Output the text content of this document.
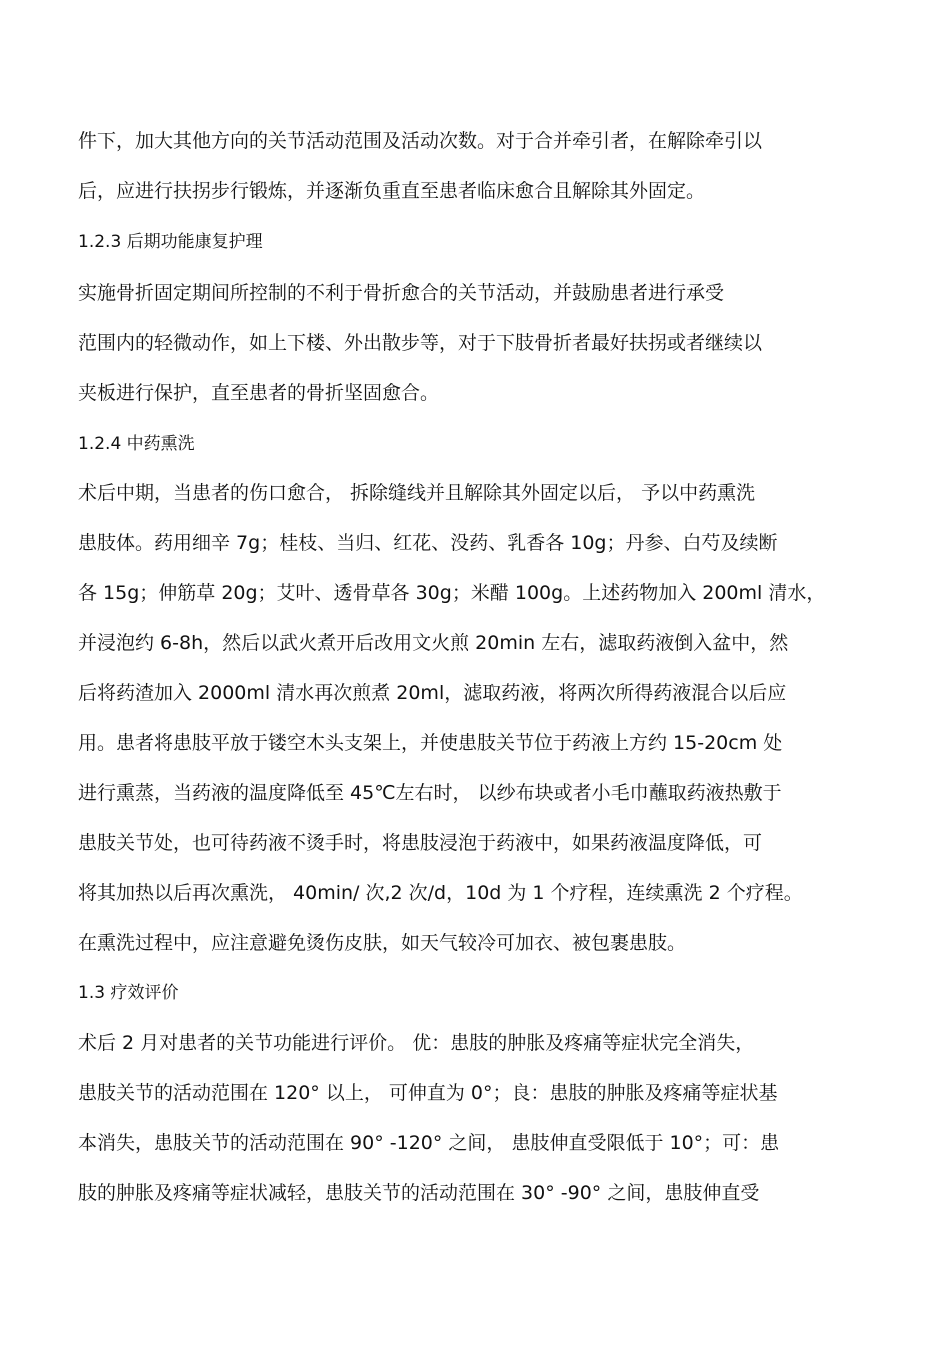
件下，加大其他方向的关节活动范围及活动次数。对于合并牵引者，在解除牵引以
后，应进行扶拐步行锻炼，并逐渐负重直至患者临床愈合且解除其外固定。
1.2.3 后期功能康复护理
实施骨折固定期间所控制的不利于骨折愈合的关节活动，并鼓励患者进行承受
范围内的轻微动作，如上下楼、外出散步等，对于下肢骨折者最好扶拐或者继续以
夹板进行保护，直至患者的骨折坚固愈合。
1.2.4 中药熏洗
术后中期，当患者的伤口愈合， 拆除缝线并且解除其外固定以后， 予以中药熏洗
患肢体。药用细辛 7g；桂枝、当归、红花、没药、乳香各 10g；丹参、白芍及续断
各 15g；伸筋草 20g；艾叶、透骨草各 30g；米醋 100g。上述药物加入 200ml 清水，
并浸泡约 6-8h，然后以武火煮开后改用文火煎 20min 左右，滤取药液倒入盆中，然
后将药渣加入 2000ml 清水再次煎煮 20ml，滤取药液，将两次所得药液混合以后应
用。患者将患肢平放于镂空木头支架上，并使患肢关节位于药液上方约 15-20cm 处
进行熏蒸，当药液的温度降低至 45℃左右时， 以纱布块或者小毛巾蘸取药液热敷于
患肢关节处，也可待药液不烫手时，将患肢浸泡于药液中，如果药液温度降低，可
将其加热以后再次熏洗， 40min/ 次,2 次/d，10d 为 1 个疗程，连续熏洗 2 个疗程。
在熏洗过程中，应注意避免烫伤皮肤，如天气较冷可加衣、被包裹患肢。
1.3 疗效评价
术后 2 月对患者的关节功能进行评价。 优：患肢的肿胀及疼痛等症状完全消失，
患肢关节的活动范围在 120° 以上， 可伸直为 0°；良：患肢的肿胀及疼痛等症状基
本消失，患肢关节的活动范围在 90° -120° 之间， 患肢伸直受限低于 10°；可：患
肢的肿胀及疼痛等症状减轻，患肢关节的活动范围在 30° -90° 之间，患肢伸直受
